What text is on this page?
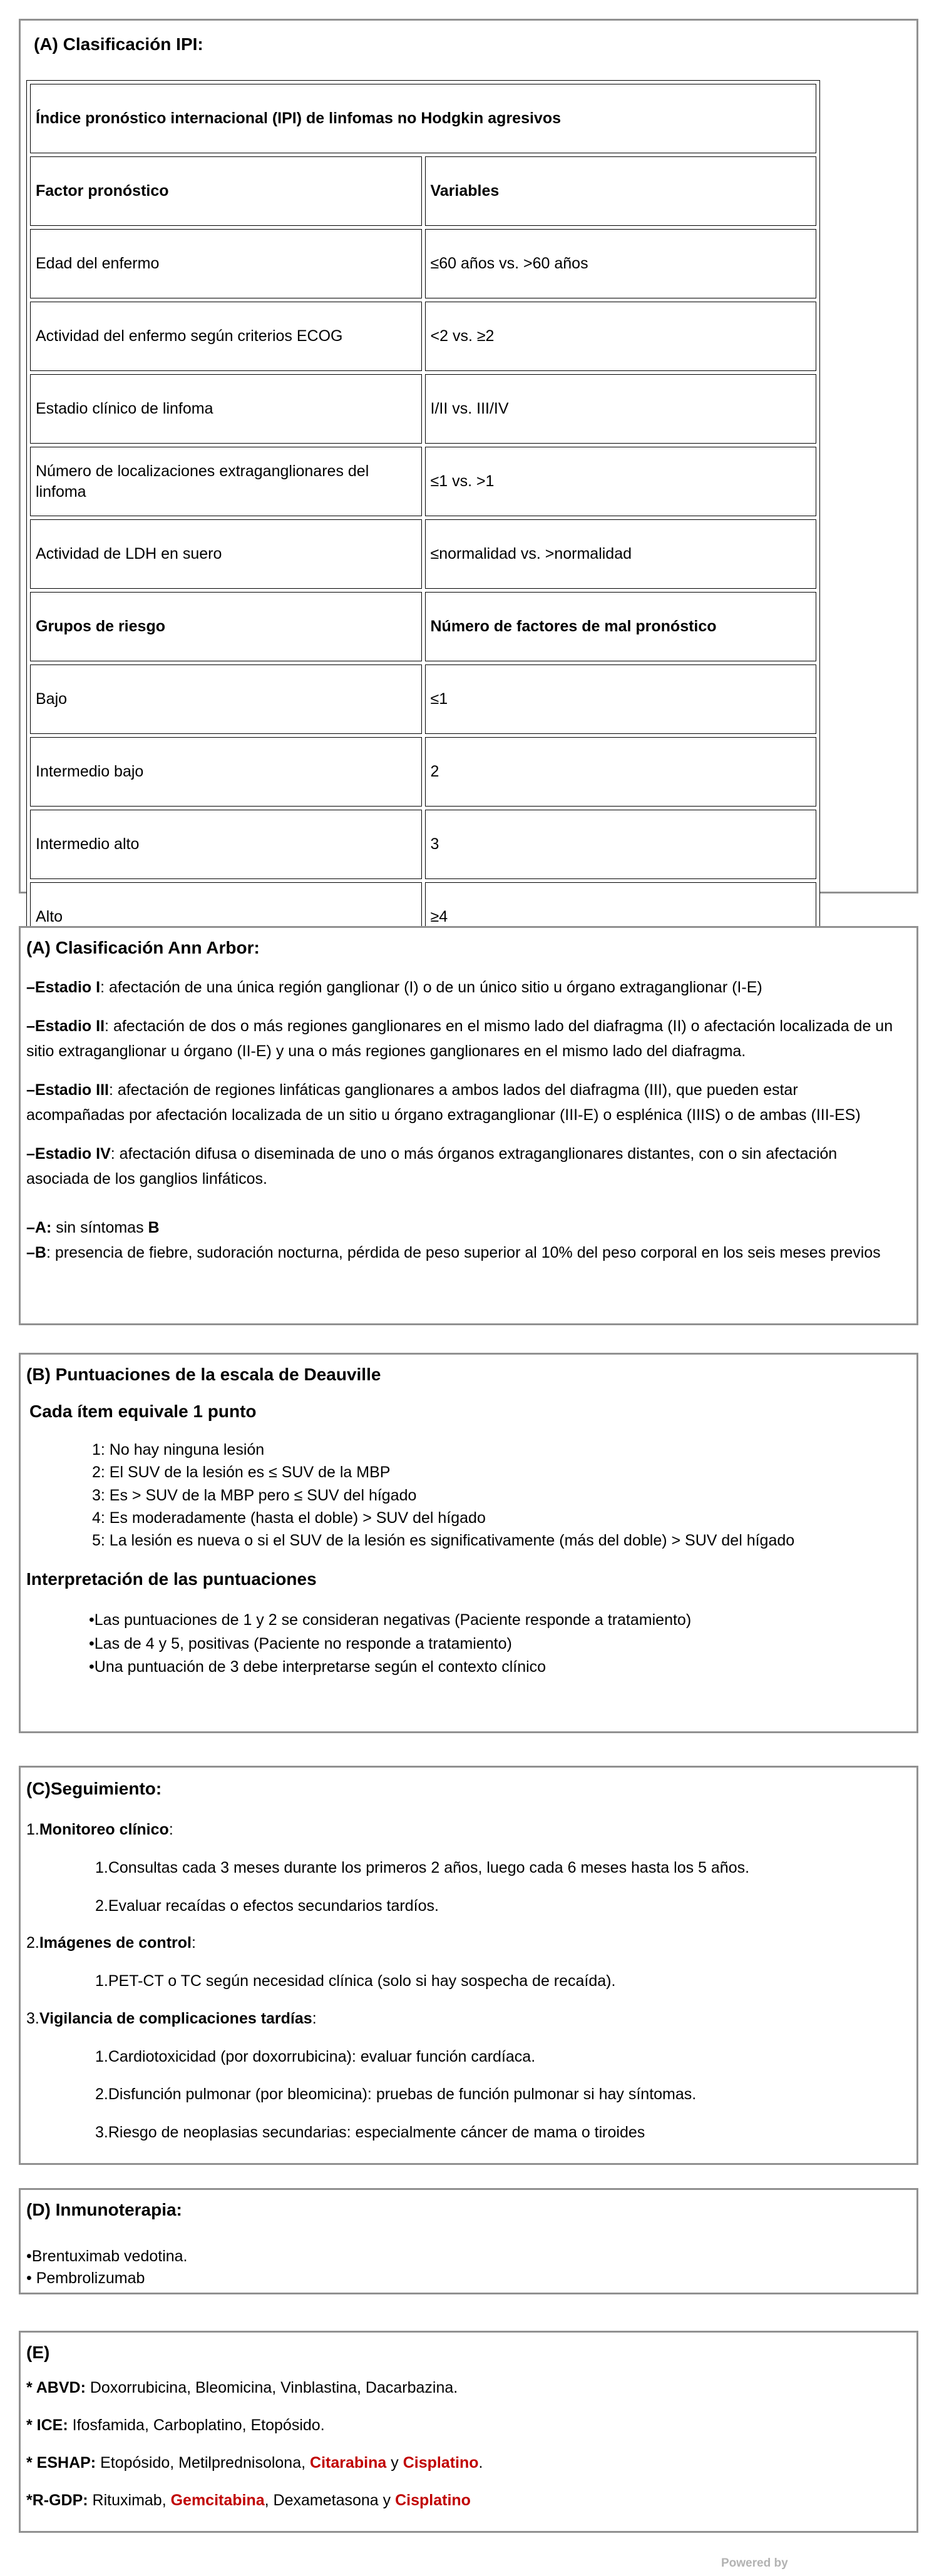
(A) Clasificación IPI:
Índice pronóstico internacional (IPI) de linfomas no Hodgkin agresivos	
Factor pronóstico	Variables
Edad del enfermo	≤60 años vs. >60 años
Actividad del enfermo según criterios ECOG	<2 vs. ≥2
Estadio clínico de linfoma	I/II vs. III/IV
Número de localizaciones extraganglionares del linfoma	≤1 vs. >1
Actividad de LDH en suero	≤normalidad vs. >normalidad
Grupos de riesgo	Número de factores de mal pronóstico
Bajo	≤1
Intermedio bajo	2
Intermedio alto	3
Alto	≥4
(A) Clasificación Ann Arbor:

–Estadio I: afectación de una única región ganglionar (I) o de un único sitio u órgano extraganglionar (I-E)

–Estadio II: afectación de dos o más regiones ganglionares en el mismo lado del diafragma (II) o afectación localizada de un sitio extraganglionar u órgano (II-E) y una o más regiones ganglionares en el mismo lado del diafragma.

–Estadio III: afectación de regiones linfáticas ganglionares a ambos lados del diafragma (III), que pueden estar acompañadas por afectación localizada de un sitio u órgano extraganglionar (III-E) o esplénica (IIIS) o de ambas (III-ES)

–Estadio IV: afectación difusa o diseminada de uno o más órganos extraganglionares distantes, con o sin afectación asociada de los ganglios linfáticos.

–A: sin síntomas B
–B: presencia de fiebre, sudoración nocturna, pérdida de peso superior al 10% del peso corporal en los seis meses previos
(B) Puntuaciones de la escala de Deauville
Cada ítem equivale 1 punto
1: No hay ninguna lesión
2: El SUV de la lesión es ≤ SUV de la MBP
3: Es > SUV de la MBP pero ≤ SUV del hígado
4: Es moderadamente (hasta el doble) > SUV del hígado
5: La lesión es nueva o si el SUV de la lesión es significativamente (más del doble) > SUV del hígado
Interpretación de las puntuaciones
• Las puntuaciones de 1 y 2 se consideran negativas (Paciente responde a tratamiento)
• Las de 4 y 5, positivas (Paciente no responde a tratamiento)
• Una puntuación de 3 debe interpretarse según el contexto clínico
(C)Seguimiento:
1.Monitoreo clínico:
1.Consultas cada 3 meses durante los primeros 2 años, luego cada 6 meses hasta los 5 años.
2.Evaluar recaídas o efectos secundarios tardíos.
2.Imágenes de control:
1.PET-CT o TC según necesidad clínica (solo si hay sospecha de recaída).
3.Vigilancia de complicaciones tardías:
1.Cardiotoxicidad (por doxorrubicina): evaluar función cardíaca.
2.Disfunción pulmonar (por bleomicina): pruebas de función pulmonar si hay síntomas.
3.Riesgo de neoplasias secundarias: especialmente cáncer de mama o tiroides
(D) Inmunoterapia:
•Brentuximab vedotina.
• Pembrolizumab
(E)
* ABVD: Doxorrubicina, Bleomicina, Vinblastina, Dacarbazina.
* ICE: Ifosfamida, Carboplatino, Etopósido.
* ESHAP: Etopósido, Metilprednisolona, Citarabina y Cisplatino.
*R-GDP: Rituximab, Gemcitabina, Dexametasona y Cisplatino
Powered by
